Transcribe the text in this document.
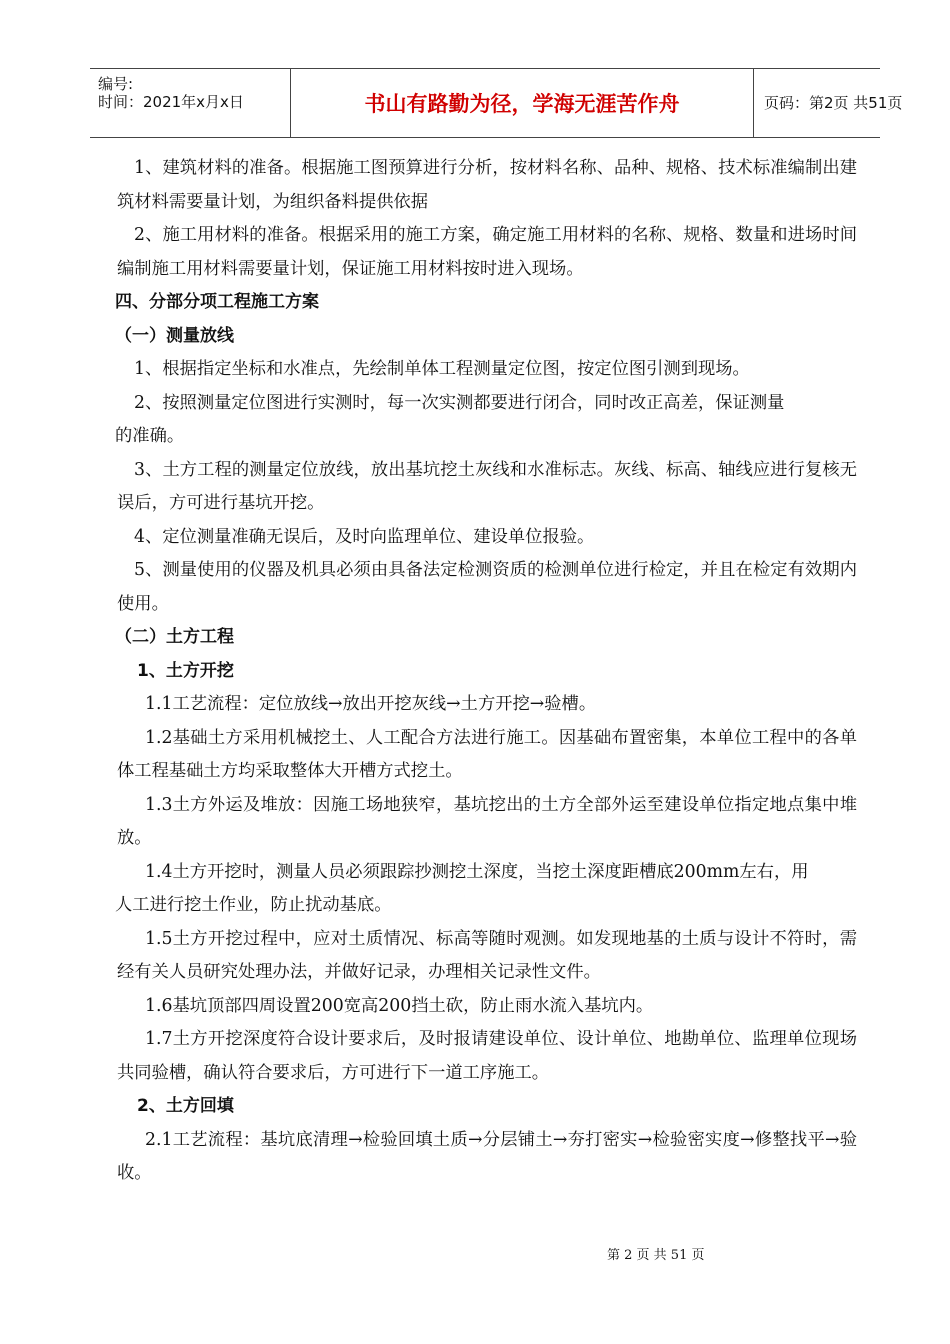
编号:
时间：2021年x月x日	书山有路勤为径，学海无涯苦作舟	页码：第2页 共51页

1、建筑材料的准备。根据施工图预算进行分析，按材料名称、品种、规格、技术标准编制出建筑材料需要量计划，为组织备料提供依据

2、施工用材料的准备。根据采用的施工方案，确定施工用材料的名称、规格、数量和进场时间编制施工用材料需要量计划，保证施工用材料按时进入现场。

四、分部分项工程施工方案

（一）测量放线

1、根据指定坐标和水准点，先绘制单体工程测量定位图，按定位图引测到现场。

2、按照测量定位图进行实测时，每一次实测都要进行闭合，同时改正高差，保证测量

的准确。

3、土方工程的测量定位放线，放出基坑挖土灰线和水准标志。灰线、标高、轴线应进行复核无误后，方可进行基坑开挖。

4、定位测量准确无误后，及时向监理单位、建设单位报验。

5、测量使用的仪器及机具必须由具备法定检测资质的检测单位进行检定，并且在检定有效期内使用。

（二）土方工程

1、土方开挖

1.1工艺流程：定位放线→放出开挖灰线→土方开挖→验槽。

1.2基础土方采用机械挖土、人工配合方法进行施工。因基础布置密集，本单位工程中的各单体工程基础土方均采取整体大开槽方式挖土。

1.3土方外运及堆放：因施工场地狭窄，基坑挖出的土方全部外运至建设单位指定地点集中堆放。

1.4土方开挖时，测量人员必须跟踪抄测挖土深度，当挖土深度距槽底200mm左右，用

人工进行挖土作业，防止扰动基底。

1.5土方开挖过程中，应对土质情况、标高等随时观测。如发现地基的土质与设计不符时，需经有关人员研究处理办法，并做好记录，办理相关记录性文件。

1.6基坑顶部四周设置200宽高200挡土砍，防止雨水流入基坑内。

1.7土方开挖深度符合设计要求后，及时报请建设单位、设计单位、地勘单位、监理单位现场共同验槽，确认符合要求后，方可进行下一道工序施工。

2、土方回填

2.1工艺流程：基坑底清理→检验回填土质→分层铺土→夯打密实→检验密实度→修整找平→验收。

第 2 页 共 51 页
